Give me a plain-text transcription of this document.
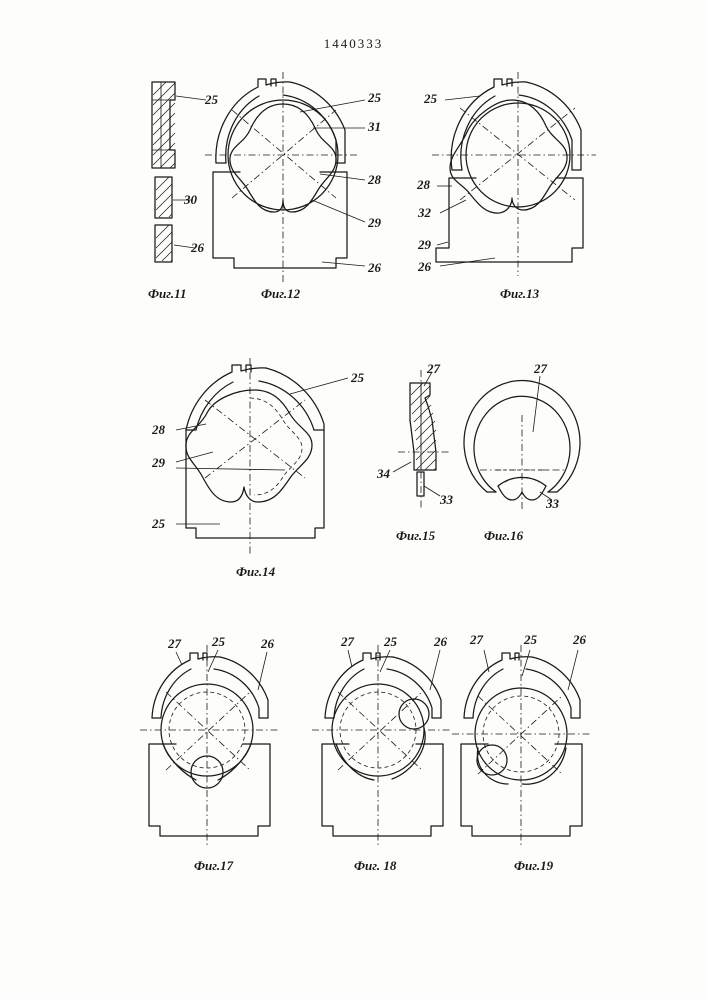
1440333
25
30
26
25
31
28
29
26
25
28
32
29
26
25
28
29
25
27
34
33
27
33
27 25	26	27 25	26 27	25	26
Фиг.11	Фиг.12	Фиг.13
Фиг.14
Фиг.15	Фиг.16
Фиг.17	Фиг. 18	Фиг.19
